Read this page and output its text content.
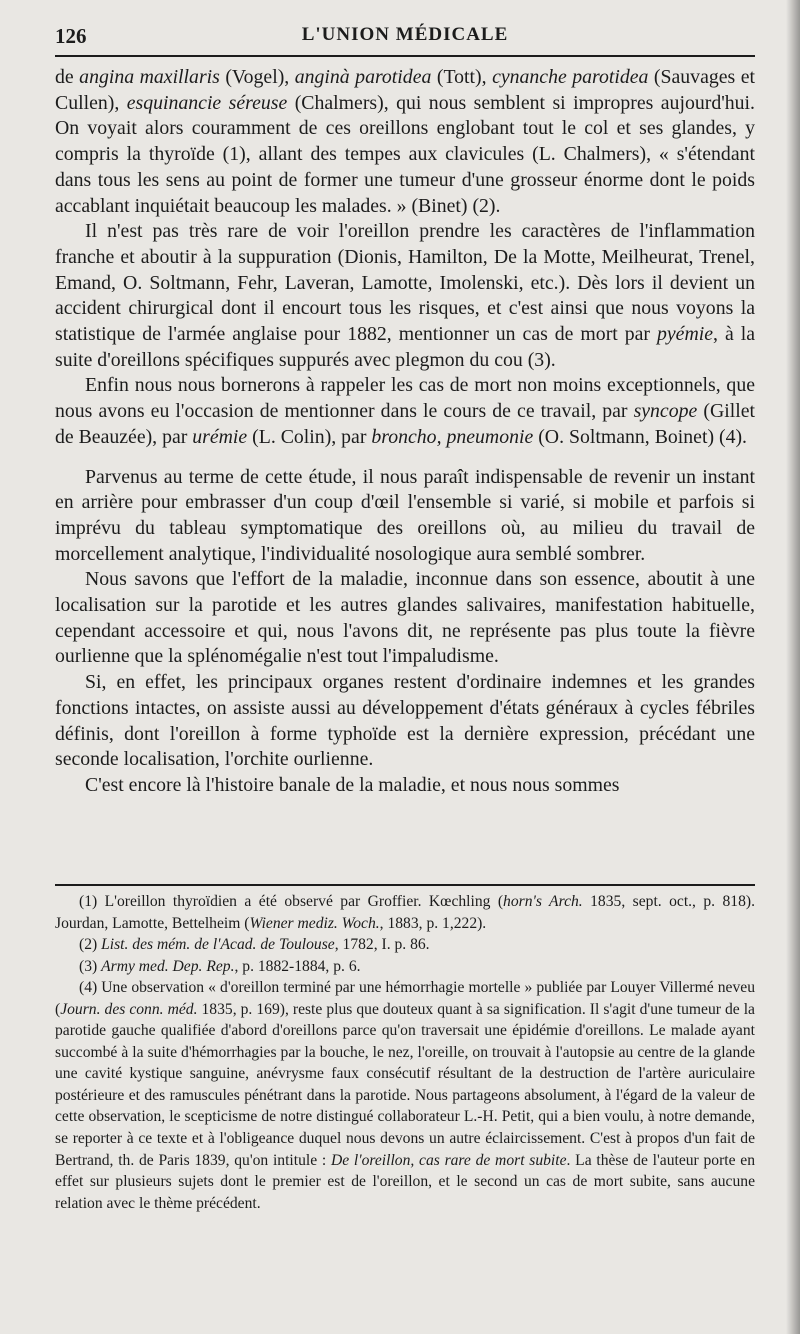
126	L'UNION MÉDICALE

de angina maxillaris (Vogel), anginà parotidea (Tott), cynanche parotidea (Sauvages et Cullen), esquinancie séreuse (Chalmers), qui nous semblent si impropres aujourd'hui. On voyait alors couramment de ces oreillons englobant tout le col et ses glandes, y compris la thyroïde (1), allant des tempes aux clavicules (L. Chalmers), « s'étendant dans tous les sens au point de former une tumeur d'une grosseur énorme dont le poids accablant inquiétait beaucoup les malades. » (Binet) (2).

Il n'est pas très rare de voir l'oreillon prendre les caractères de l'inflammation franche et aboutir à la suppuration (Dionis, Hamilton, De la Motte, Meilheurat, Trenel, Emand, O. Soltmann, Fehr, Laveran, Lamotte, Imolenski, etc.). Dès lors il devient un accident chirurgical dont il encourt tous les risques, et c'est ainsi que nous voyons la statistique de l'armée anglaise pour 1882, mentionner un cas de mort par pyémie, à la suite d'oreillons spécifiques suppurés avec plegmon du cou (3).

Enfin nous nous bornerons à rappeler les cas de mort non moins exceptionnels, que nous avons eu l'occasion de mentionner dans le cours de ce travail, par syncope (Gillet de Beauzée), par urémie (L. Colin), par broncho, pneumonie (O. Soltmann, Boinet) (4).

Parvenus au terme de cette étude, il nous paraît indispensable de revenir un instant en arrière pour embrasser d'un coup d'œil l'ensemble si varié, si mobile et parfois si imprévu du tableau symptomatique des oreillons où, au milieu du travail de morcellement analytique, l'individualité nosologique aura semblé sombrer.

Nous savons que l'effort de la maladie, inconnue dans son essence, aboutit à une localisation sur la parotide et les autres glandes salivaires, manifestation habituelle, cependant accessoire et qui, nous l'avons dit, ne représente pas plus toute la fièvre ourlienne que la splénomégalie n'est tout l'impaludisme.

Si, en effet, les principaux organes restent d'ordinaire indemnes et les grandes fonctions intactes, on assiste aussi au développement d'états généraux à cycles fébriles définis, dont l'oreillon à forme typhoïde est la dernière expression, précédant une seconde localisation, l'orchite ourlienne.

C'est encore là l'histoire banale de la maladie, et nous nous sommes

(1) L'oreillon thyroïdien a été observé par Groffier. Kœchling (horn's Arch. 1835, sept. oct., p. 818). Jourdan, Lamotte, Bettelheim (Wiener mediz. Woch., 1883, p. 1,222).

(2) List. des mém. de l'Acad. de Toulouse, 1782, I. p. 86.

(3) Army med. Dep. Rep., p. 1882-1884, p. 6.

(4) Une observation « d'oreillon terminé par une hémorrhagie mortelle » publiée par Louyer Villermé neveu (Journ. des conn. méd. 1835, p. 169), reste plus que douteux quant à sa signification. Il s'agit d'une tumeur de la parotide gauche qualifiée d'abord d'oreillons parce qu'on traversait une épidémie d'oreillons. Le malade ayant succombé à la suite d'hémorrhagies par la bouche, le nez, l'oreille, on trouvait à l'autopsie au centre de la glande une cavité kystique sanguine, anévrysme faux consécutif résultant de la destruction de l'artère auriculaire postérieure et des ramuscules pénétrant dans la parotide. Nous partageons absolument, à l'égard de la valeur de cette observation, le scepticisme de notre distingué collaborateur L.-H. Petit, qui a bien voulu, à notre demande, se reporter à ce texte et à l'obligeance duquel nous devons un autre éclaircissement. C'est à propos d'un fait de Bertrand, th. de Paris 1839, qu'on intitule : De l'oreillon, cas rare de mort subite. La thèse de l'auteur porte en effet sur plusieurs sujets dont le premier est de l'oreillon, et le second un cas de mort subite, sans aucune relation avec le thème précédent.
